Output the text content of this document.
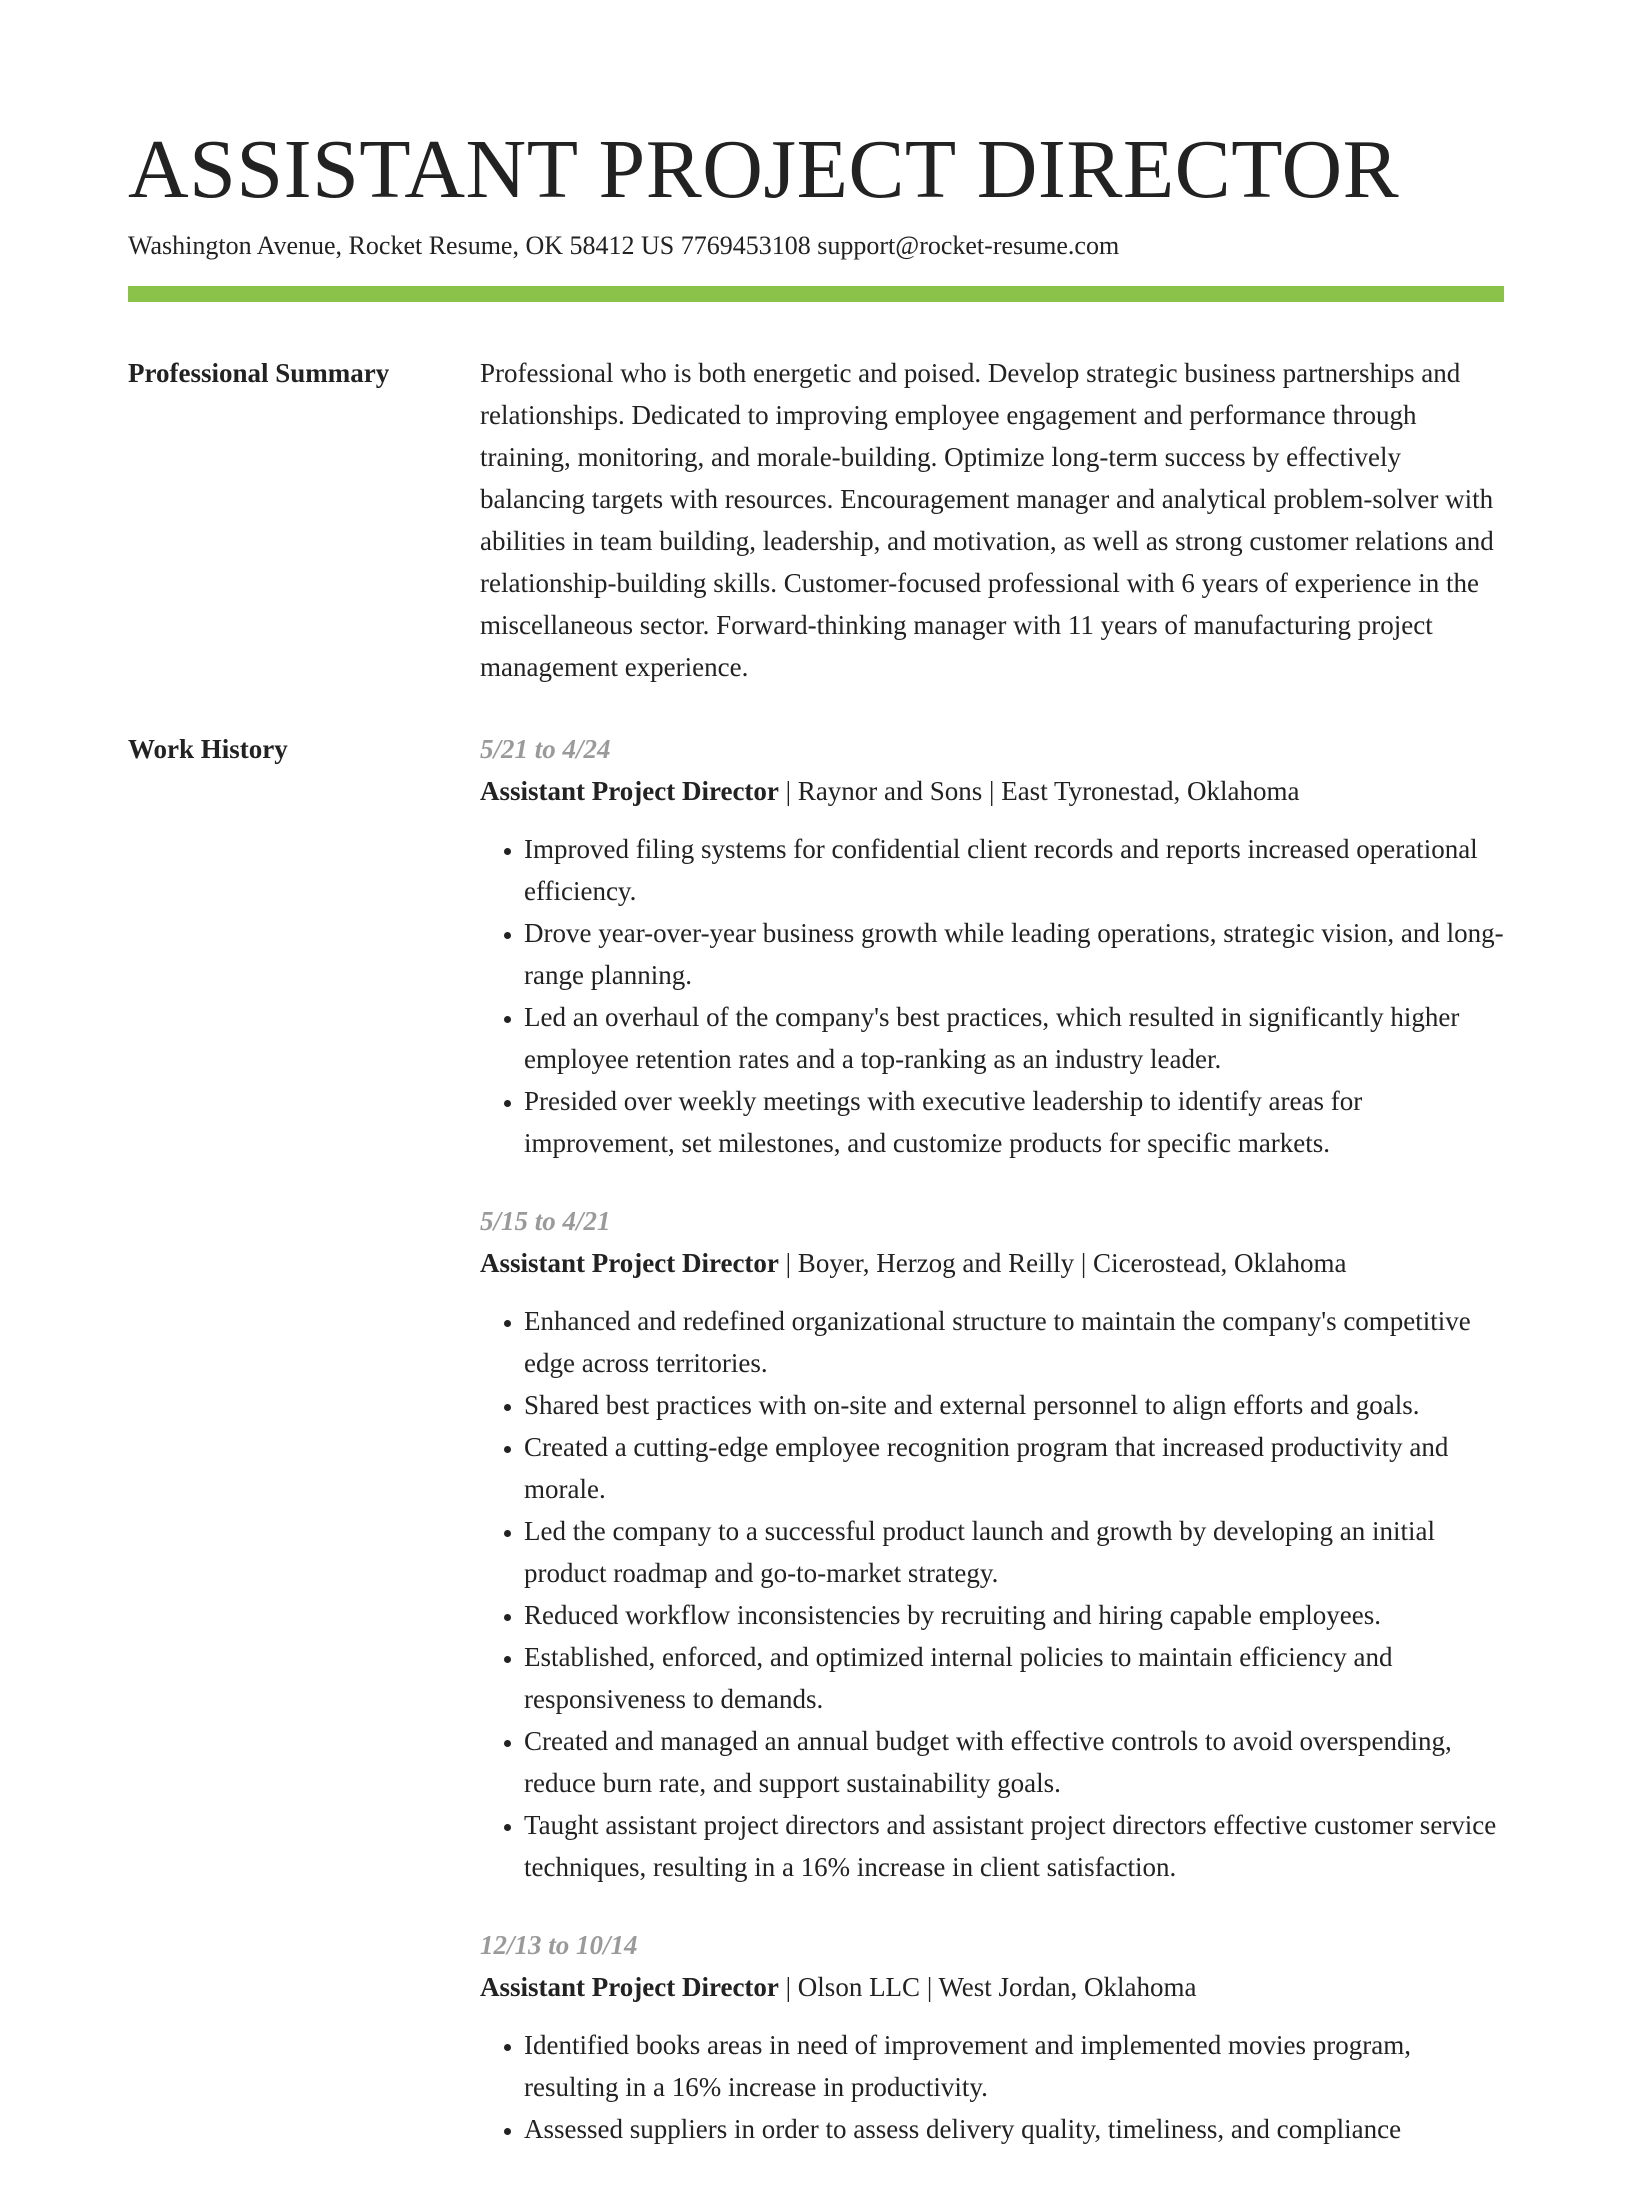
ASSISTANT PROJECT DIRECTOR
Washington Avenue, Rocket Resume, OK 58412 US 7769453108 support@rocket-resume.com
Professional Summary	Professional who is both energetic and poised. Develop strategic business partnerships and relationships. Dedicated to improving employee engagement and performance through training, monitoring, and morale-building. Optimize long-term success by effectively balancing targets with resources. Encouragement manager and analytical problem-solver with abilities in team building, leadership, and motivation, as well as strong customer relations and relationship-building skills. Customer-focused professional with 6 years of experience in the miscellaneous sector. Forward-thinking manager with 11 years of manufacturing project management experience.

Work History	5/21 to 4/24
Assistant Project Director | Raynor and Sons | East Tyronestad, Oklahoma
• Improved filing systems for confidential client records and reports increased operational efficiency.
• Drove year-over-year business growth while leading operations, strategic vision, and long-range planning.
• Led an overhaul of the company's best practices, which resulted in significantly higher employee retention rates and a top-ranking as an industry leader.
• Presided over weekly meetings with executive leadership to identify areas for improvement, set milestones, and customize products for specific markets.
5/15 to 4/21
Assistant Project Director | Boyer, Herzog and Reilly | Cicerostead, Oklahoma
• Enhanced and redefined organizational structure to maintain the company's competitive edge across territories.
• Shared best practices with on-site and external personnel to align efforts and goals.
• Created a cutting-edge employee recognition program that increased productivity and morale.
• Led the company to a successful product launch and growth by developing an initial product roadmap and go-to-market strategy.
• Reduced workflow inconsistencies by recruiting and hiring capable employees.
• Established, enforced, and optimized internal policies to maintain efficiency and responsiveness to demands.
• Created and managed an annual budget with effective controls to avoid overspending, reduce burn rate, and support sustainability goals.
• Taught assistant project directors and assistant project directors effective customer service techniques, resulting in a 16% increase in client satisfaction.
12/13 to 10/14
Assistant Project Director | Olson LLC | West Jordan, Oklahoma
• Identified books areas in need of improvement and implemented movies program, resulting in a 16% increase in productivity.
• Assessed suppliers in order to assess delivery quality, timeliness, and compliance
